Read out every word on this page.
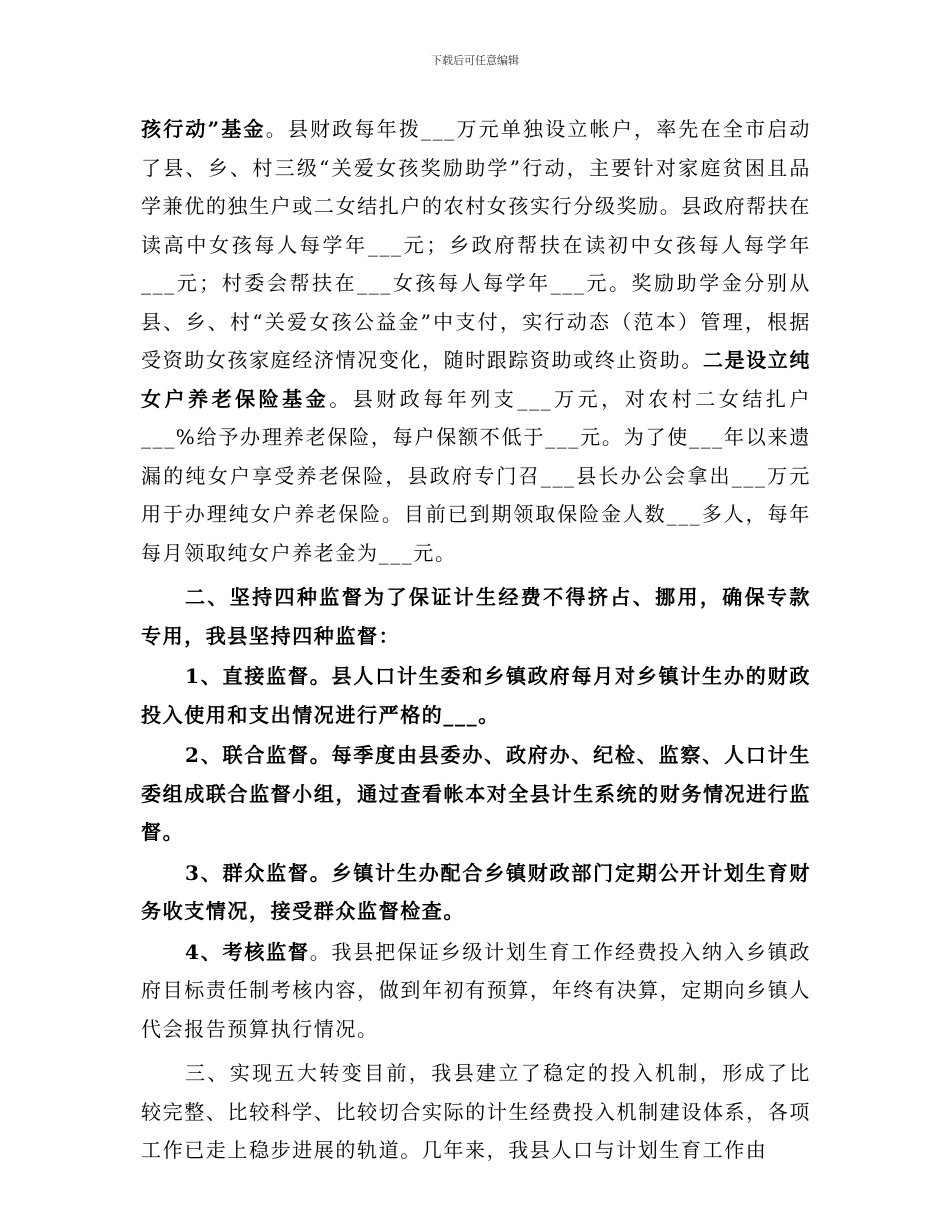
下载后可任意编辑

孩行动”基金。县财政每年拨___万元单独设立帐户，率先在全市启动了县、乡、村三级“关爱女孩奖励助学”行动，主要针对家庭贫困且品学兼优的独生户或二女结扎户的农村女孩实行分级奖励。县政府帮扶在读高中女孩每人每学年___元；乡政府帮扶在读初中女孩每人每学年___元；村委会帮扶在___女孩每人每学年___元。奖励助学金分别从县、乡、村“关爱女孩公益金”中支付，实行动态（范本）管理，根据受资助女孩家庭经济情况变化，随时跟踪资助或终止资助。二是设立纯女户养老保险基金。县财政每年列支___万元，对农村二女结扎户___%给予办理养老保险，每户保额不低于___元。为了使___年以来遗漏的纯女户享受养老保险，县政府专门召___县长办公会拿出___万元用于办理纯女户养老保险。目前已到期领取保险金人数___多人，每年每月领取纯女户养老金为___元。

二、坚持四种监督为了保证计生经费不得挤占、挪用，确保专款专用，我县坚持四种监督：

1、直接监督。县人口计生委和乡镇政府每月对乡镇计生办的财政投入使用和支出情况进行严格的___。

2、联合监督。每季度由县委办、政府办、纪检、监察、人口计生委组成联合监督小组，通过查看帐本对全县计生系统的财务情况进行监督。

3、群众监督。乡镇计生办配合乡镇财政部门定期公开计划生育财务收支情况，接受群众监督检查。

4、考核监督。我县把保证乡级计划生育工作经费投入纳入乡镇政府目标责任制考核内容，做到年初有预算，年终有决算，定期向乡镇人代会报告预算执行情况。

三、实现五大转变目前，我县建立了稳定的投入机制，形成了比较完整、比较科学、比较切合实际的计生经费投入机制建设体系，各项工作已走上稳步进展的轨道。几年来，我县人口与计划生育工作由
